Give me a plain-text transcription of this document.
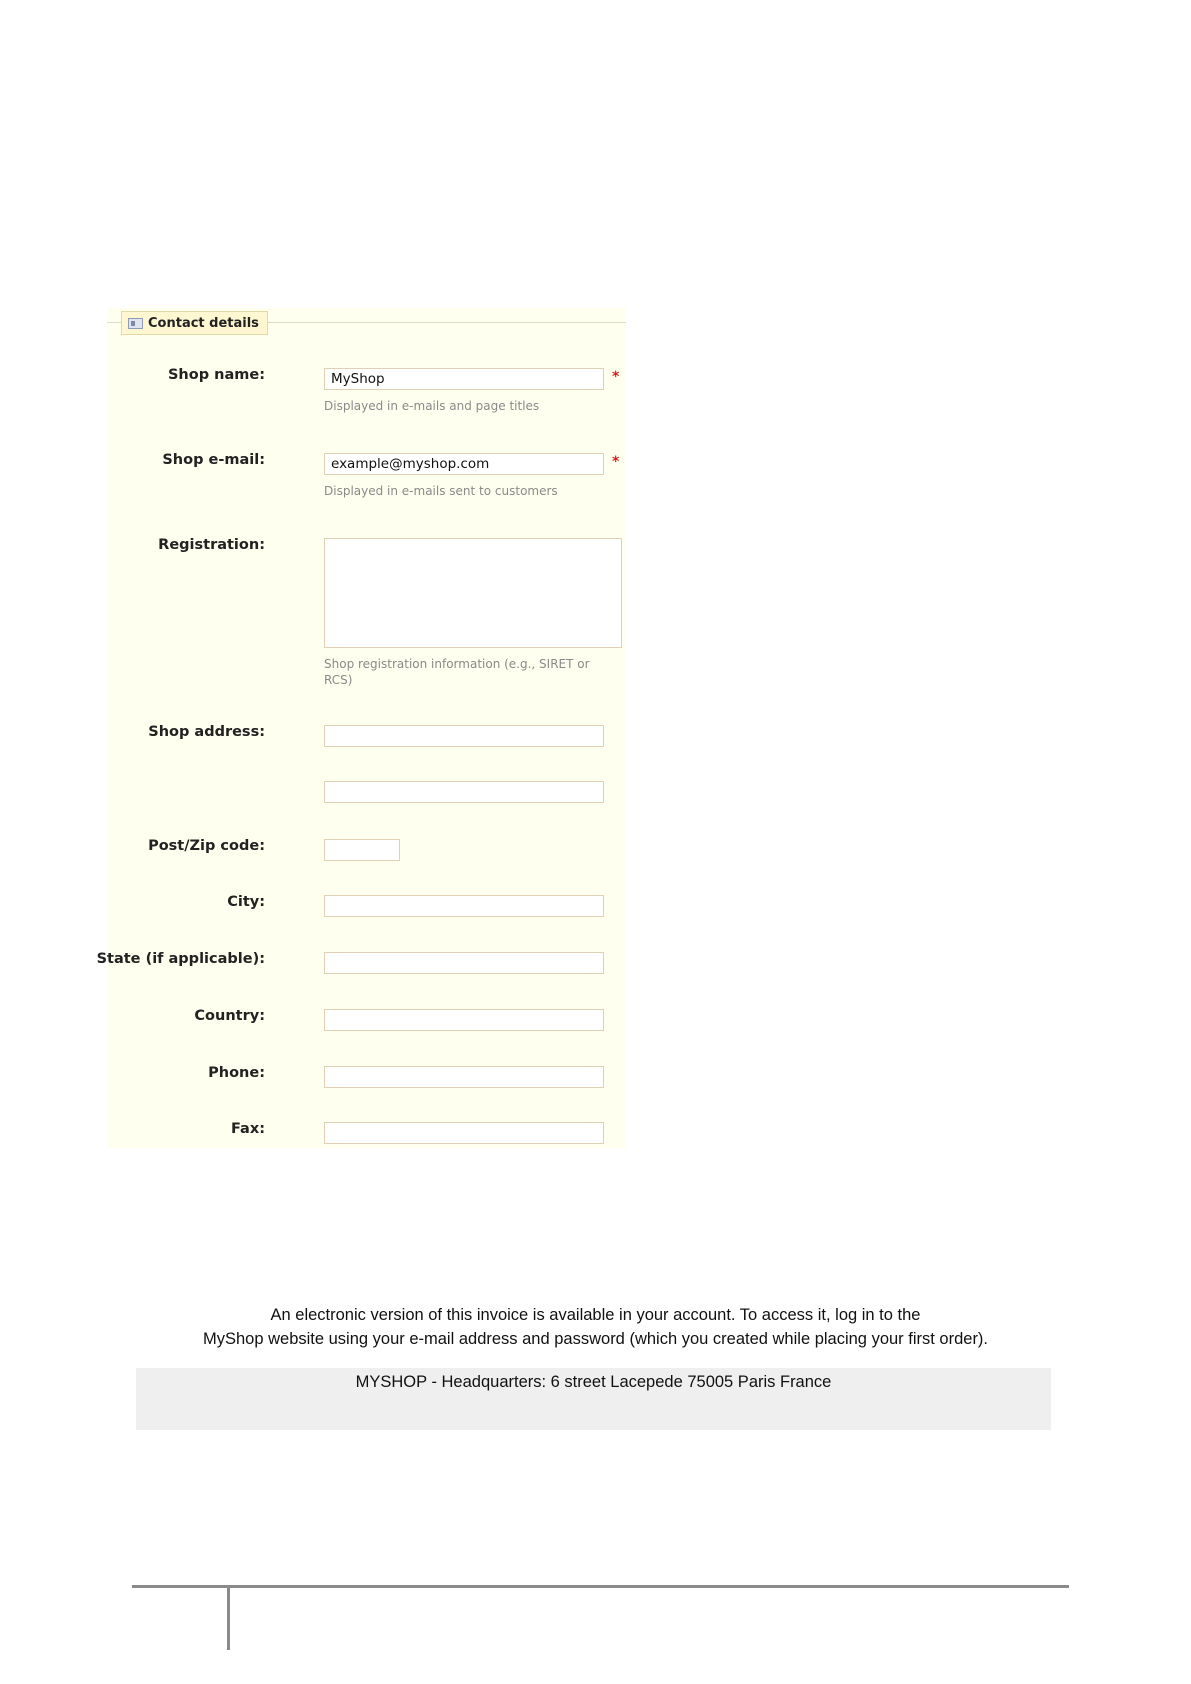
Contact details
Shop name:	MyShop	*
Displayed in e-mails and page titles
Shop e-mail:	example@myshop.com	*
Displayed in e-mails sent to customers
Registration:
Shop registration information (e.g., SIRET or RCS)
Shop address:
Post/Zip code:
City:
State (if applicable):
Country:
Phone:
Fax:
An electronic version of this invoice is available in your account. To access it, log in to the
MyShop website using your e-mail address and password (which you created while placing your first order).
MYSHOP - Headquarters: 6 street Lacepede 75005 Paris France
